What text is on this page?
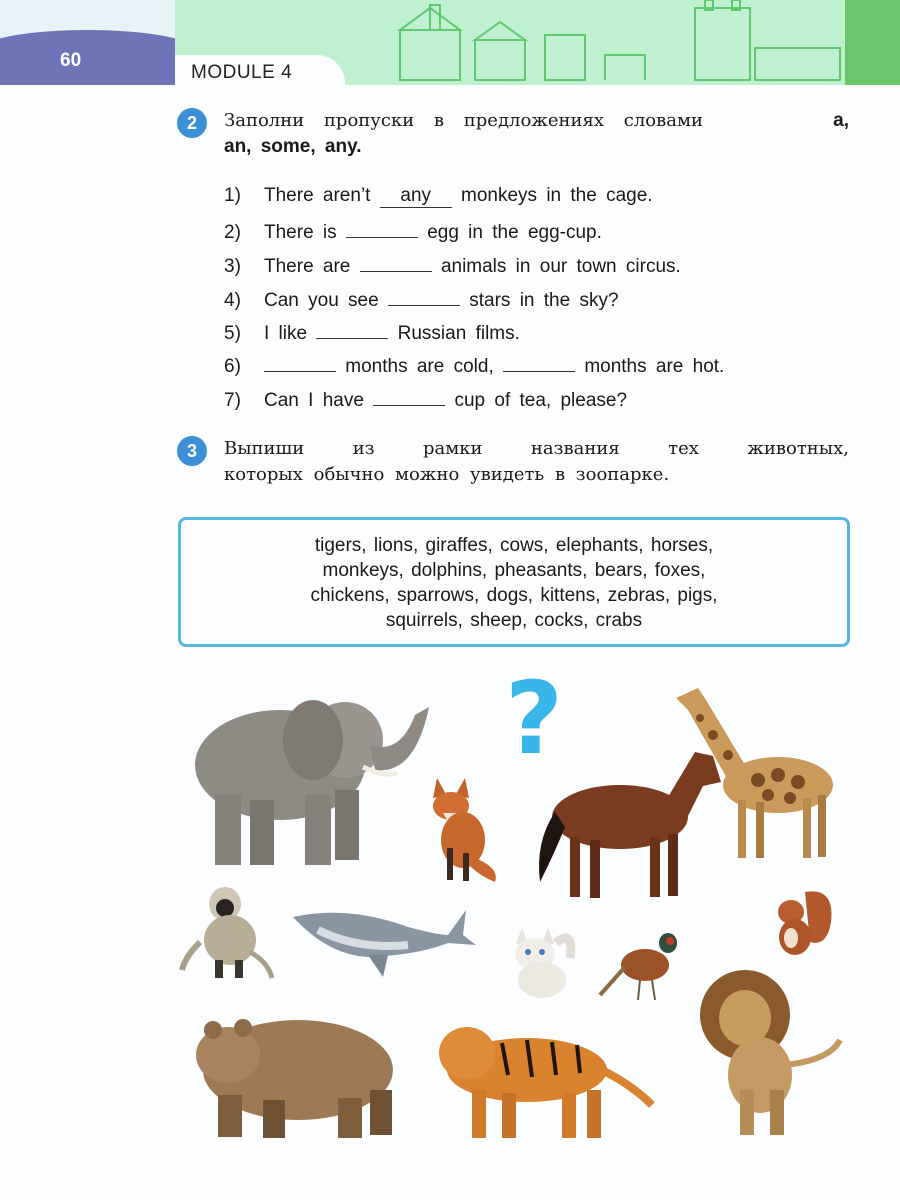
60
MODULE 4
2	Заполни пропуски в предложениях словами	a,
an, some, any.
1) There aren’t any monkeys in the cage.
2) There is	egg in the egg-cup.
3) There are	animals in our town circus.
4) Can you see	stars in the sky?
5) I like	Russian films.
6)	months are cold,	months are hot.
7) Can I have	cup of tea, please?
3	Выпиши из рамки названия тех животных,
которых обычно можно увидеть в зоопарке.
tigers, lions, giraffes, cows, elephants, horses,
monkeys, dolphins, pheasants, bears, foxes,
chickens, sparrows, dogs, kittens, zebras, pigs,
squirrels, sheep, cocks, crabs
?
